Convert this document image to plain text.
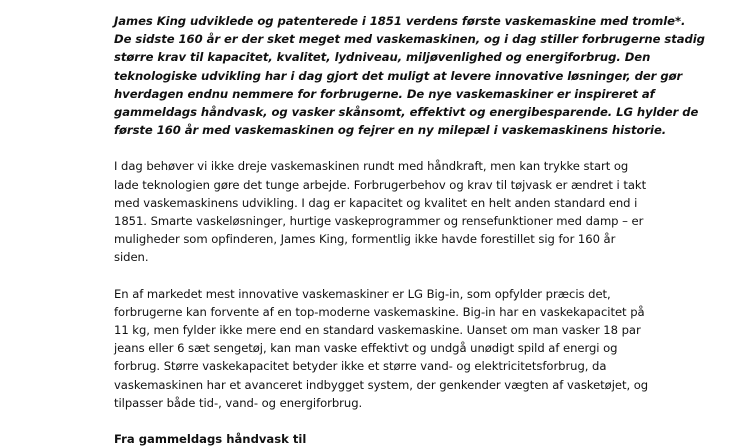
James King udviklede og patenterede i 1851 verdens første vaskemaskine med tromle*.
De sidste 160 år er der sket meget med vaskemaskinen, og i dag stiller forbrugerne stadig
større krav til kapacitet, kvalitet, lydniveau, miljøvenlighed og energiforbrug. Den
teknologiske udvikling har i dag gjort det muligt at levere innovative løsninger, der gør
hverdagen endnu nemmere for forbrugerne. De nye vaskemaskiner er inspireret af
gammeldags håndvask, og vasker skånsomt, effektivt og energibesparende. LG hylder de
første 160 år med vaskemaskinen og fejrer en ny milepæl i vaskemaskinens historie.

I dag behøver vi ikke dreje vaskemaskinen rundt med håndkraft, men kan trykke start og
lade teknologien gøre det tunge arbejde. Forbrugerbehov og krav til tøjvask er ændret i takt
med vaskemaskinens udvikling. I dag er kapacitet og kvalitet en helt anden standard end i
1851. Smarte vaskeløsninger, hurtige vaskeprogrammer og rensefunktioner med damp – er
muligheder som opfinderen, James King, formentlig ikke havde forestillet sig for 160 år
siden.

En af markedet mest innovative vaskemaskiner er LG Big-in, som opfylder præcis det,
forbrugerne kan forvente af en top-moderne vaskemaskine. Big-in har en vaskekapacitet på
11 kg, men fylder ikke mere end en standard vaskemaskine. Uanset om man vasker 18 par
jeans eller 6 sæt sengetøj, kan man vaske effektivt og undgå unødigt spild af energi og
forbrug. Større vaskekapacitet betyder ikke et større vand- og elektricitetsforbrug, da
vaskemaskinen har et avanceret indbygget system, der genkender vægten af vasketøjet, og
tilpasser både tid-, vand- og energiforbrug.

Fra gammeldags håndvask til
